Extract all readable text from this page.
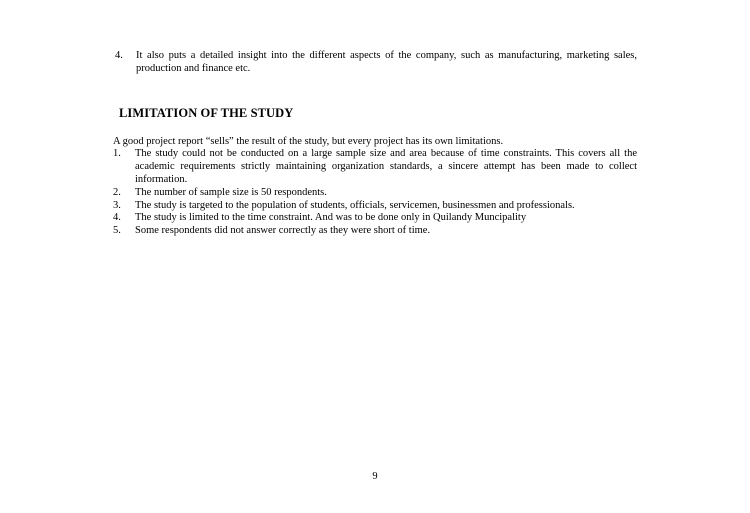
4.	It also puts a detailed insight into the different aspects of the company, such as manufacturing, marketing sales, production and finance etc.
LIMITATION OF THE STUDY
A good project report “sells” the result of the study, but every project has its own limitations.
1.	The study could not be conducted on a large sample size and area because of time constraints. This covers all the academic requirements strictly maintaining organization standards, a sincere attempt has been made to collect information.
2.	The number of sample size is 50 respondents.
3.	The study is targeted to the population of students, officials, servicemen, businessmen and professionals.
4.	The study is limited to the time constraint. And was to be done only in Quilandy Muncipality
5.	Some respondents did not answer correctly as they were short of time.
9
